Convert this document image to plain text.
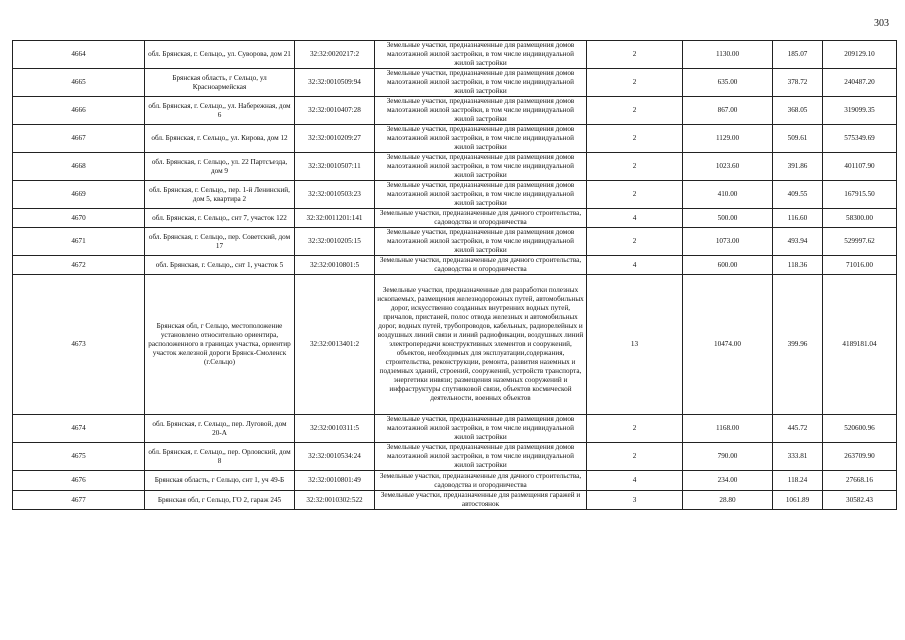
303
4664	обл. Брянская, г. Сельцо,, ул. Суворова, дом 21	32:32:0020217:2	Земельные участки, предназначенные для размещения домов малоэтажной жилой застройки, в том числе индивидуальной жилой застройки	2	1130.00	185.07	209129.10
4665	Брянская область, г Сельцо, ул Красноармейская	32:32:0010509:94	Земельные участки, предназначенные для размещения домов малоэтажной жилой застройки, в том числе индивидуальной жилой застройки	2	635.00	378.72	240487.20
4666	обл. Брянская, г. Сельцо,, ул. Набережная, дом 6	32:32:0010407:28	Земельные участки, предназначенные для размещения домов малоэтажной жилой застройки, в том числе индивидуальной жилой застройки	2	867.00	368.05	319099.35
4667	обл. Брянская, г. Сельцо,, ул. Кирова, дом 12	32:32:0010209:27	Земельные участки, предназначенные для размещения домов малоэтажной жилой застройки, в том числе индивидуальной жилой застройки	2	1129.00	509.61	575349.69
4668	обл. Брянская, г. Сельцо,, ул. 22 Партсъезда, дом 9	32:32:0010507:11	Земельные участки, предназначенные для размещения домов малоэтажной жилой застройки, в том числе индивидуальной жилой застройки	2	1023.60	391.86	401107.90
4669	обл. Брянская, г. Сельцо,, пер. 1-й Ленинский, дом 5, квартира 2	32:32:0010503:23	Земельные участки, предназначенные для размещения домов малоэтажной жилой застройки, в том числе индивидуальной жилой застройки	2	410.00	409.55	167915.50
4670	обл. Брянская, г. Сельцо,, снт 7, участок 122	32:32:0011201:141	Земельные участки, предназначенные для дачного строительства, садоводства и огородничества	4	500.00	116.60	58300.00
4671	обл. Брянская, г. Сельцо,, пер. Советский, дом 17	32:32:0010205:15	Земельные участки, предназначенные для размещения домов малоэтажной жилой застройки, в том числе индивидуальной жилой застройки	2	1073.00	493.94	529997.62
4672	обл. Брянская, г. Сельцо,, снт 1, участок 5	32:32:0010801:5	Земельные участки, предназначенные для дачного строительства, садоводства и огородничества	4	600.00	118.36	71016.00
4673	Брянская обл, г Сельцо, местоположение установлено относительно ориентира, расположенного в границах участка, ориентир участок железной дороги Брянск-Смоленск (г.Сельцо)	32:32:0013401:2	Земельные участки, предназначенные для разработки полезных ископаемых, размещения железнодорожных путей, автомобильных дорог, искусственно созданных внутренних водных путей, причалов, пристаней, полос отвода железных и автомобильных дорог, водных путей, трубопроводов, кабельных, радиорелейных и воздушных линий связи и линий радиофикации, воздушных линий электропередачи конструктивных элементов и сооружений, объектов, необходимых для эксплуатации,содержания, строительства, реконструкции, ремонта, развития наземных и подземных зданий, строений, сооружений, устройств транспорта, энергетики инвязи; размещения наземных сооружений и инфраструктуры спутниковой связи, объектов космической деятельности, военных объектов	13	10474.00	399.96	4189181.04
4674	обл. Брянская, г. Сельцо,, пер. Луговой, дом 20-А	32:32:0010311:5	Земельные участки, предназначенные для размещения домов малоэтажной жилой застройки, в том числе индивидуальной жилой застройки	2	1168.00	445.72	520600.96
4675	обл. Брянская, г. Сельцо,, пер. Орловский, дом 8	32:32:0010534:24	Земельные участки, предназначенные для размещения домов малоэтажной жилой застройки, в том числе индивидуальной жилой застройки	2	790.00	333.81	263709.90
4676	Брянская область, г Сельцо, снт 1, уч 49-Б	32:32:0010801:49	Земельные участки, предназначенные для дачного строительства, садоводства и огородничества	4	234.00	118.24	27668.16
4677	Брянская обл, г Сельцо, ГО 2, гараж 245	32:32:0010302:522	Земельные участки, предназначенные для размещения гаражей и автостоянок	3	28.80	1061.89	30582.43
